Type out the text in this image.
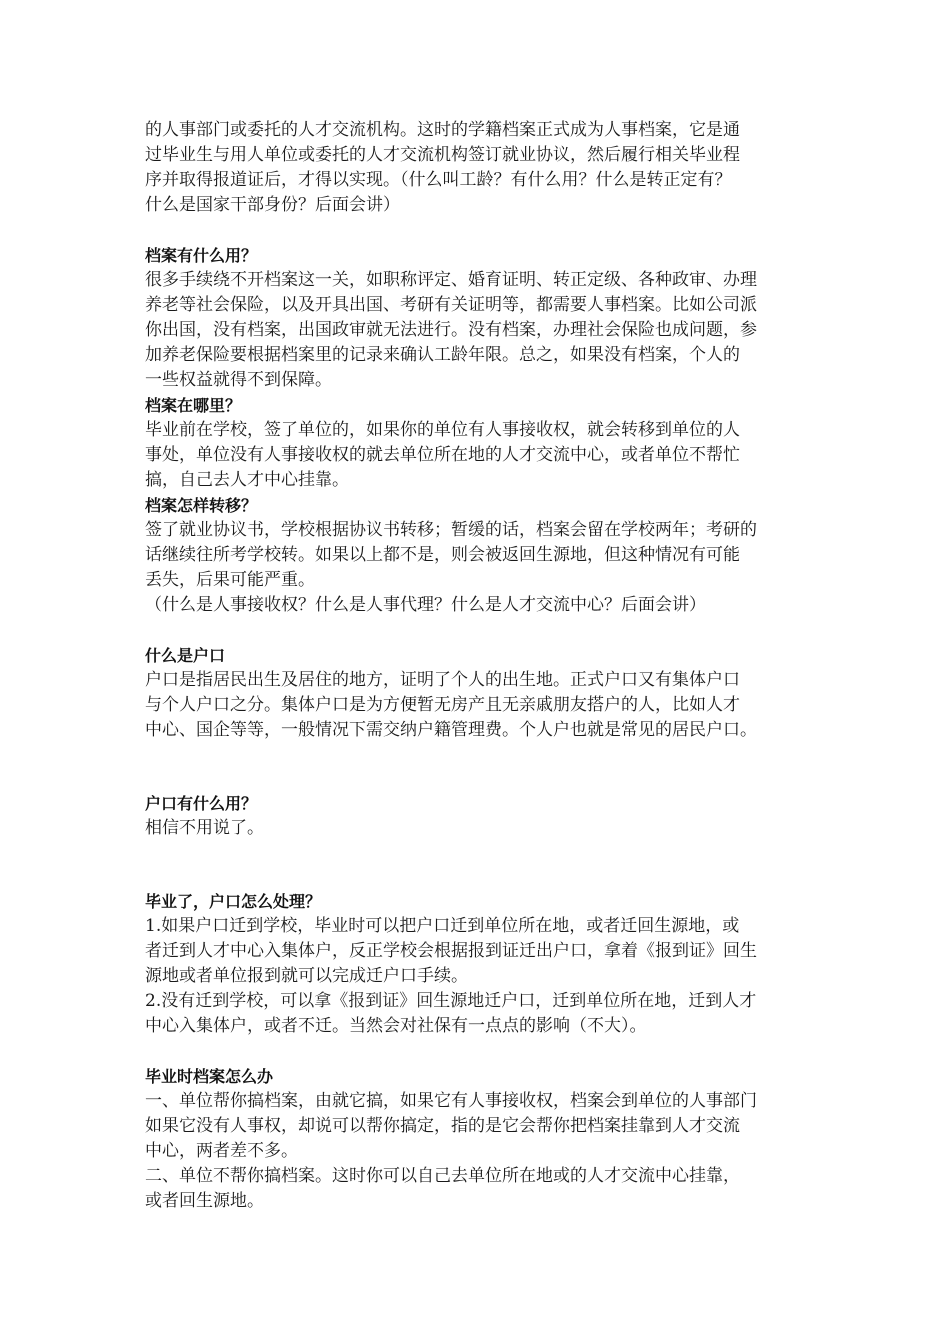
的人事部门或委托的人才交流机构。这时的学籍档案正式成为人事档案，它是通
过毕业生与用人单位或委托的人才交流机构签订就业协议，然后履行相关毕业程
序并取得报道证后，才得以实现。（什么叫工龄？有什么用？什么是转正定有？
什么是国家干部身份？后面会讲）
档案有什么用？
很多手续绕不开档案这一关，如职称评定、婚育证明、转正定级、各种政审、办理
养老等社会保险，以及开具出国、考研有关证明等，都需要人事档案。比如公司派
你出国，没有档案，出国政审就无法进行。没有档案，办理社会保险也成问题，参
加养老保险要根据档案里的记录来确认工龄年限。总之，如果没有档案，个人的
一些权益就得不到保障。
档案在哪里？
毕业前在学校，签了单位的，如果你的单位有人事接收权，就会转移到单位的人
事处，单位没有人事接收权的就去单位所在地的人才交流中心，或者单位不帮忙
搞，自己去人才中心挂靠。
档案怎样转移？
签了就业协议书，学校根据协议书转移；暂缓的话，档案会留在学校两年；考研的
话继续往所考学校转。如果以上都不是，则会被返回生源地，但这种情况有可能
丢失，后果可能严重。
（什么是人事接收权？什么是人事代理？什么是人才交流中心？后面会讲）
什么是户口
户口是指居民出生及居住的地方，证明了个人的出生地。正式户口又有集体户口
与个人户口之分。集体户口是为方便暂无房产且无亲戚朋友搭户的人，比如人才
中心、国企等等，一般情况下需交纳户籍管理费。个人户也就是常见的居民户口。
户口有什么用？
相信不用说了。
毕业了，户口怎么处理？
1.如果户口迁到学校，毕业时可以把户口迁到单位所在地，或者迁回生源地，或
者迁到人才中心入集体户，反正学校会根据报到证迁出户口，拿着《报到证》回生
源地或者单位报到就可以完成迁户口手续。
2.没有迁到学校，可以拿《报到证》回生源地迁户口，迁到单位所在地，迁到人才
中心入集体户，或者不迁。当然会对社保有一点点的影响（不大）。
毕业时档案怎么办
一、单位帮你搞档案，由就它搞，如果它有人事接收权，档案会到单位的人事部门
如果它没有人事权，却说可以帮你搞定，指的是它会帮你把档案挂靠到人才交流
中心，两者差不多。
二、单位不帮你搞档案。这时你可以自己去单位所在地或的人才交流中心挂靠，
或者回生源地。
